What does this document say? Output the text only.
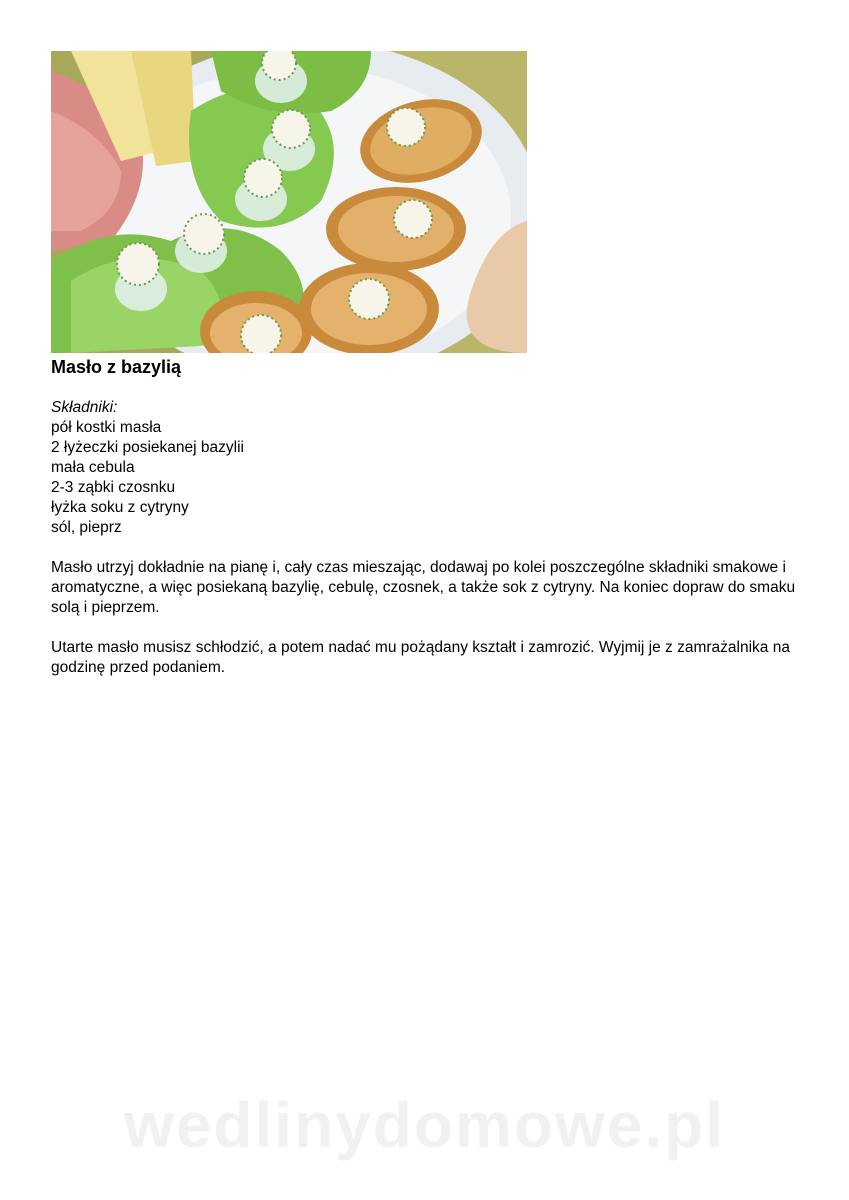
Masło z bazylią
Składniki:
pół kostki masła
2 łyżeczki posiekanej bazylii
mała cebula
2-3 ząbki czosnku
łyżka soku z cytryny
sól, pieprz

Masło utrzyj dokładnie na pianę i, cały czas mieszając, dodawaj po kolei poszczególne składniki smakowe i aromatyczne, a więc posiekaną bazylię, cebulę, czosnek, a także sok z cytryny. Na koniec dopraw do smaku solą i pieprzem.

Utarte masło musisz schłodzić, a potem nadać mu pożądany kształt i zamrozić. Wyjmij je z zamrażalnika na godzinę przed podaniem.

wedlinydomowe.pl
